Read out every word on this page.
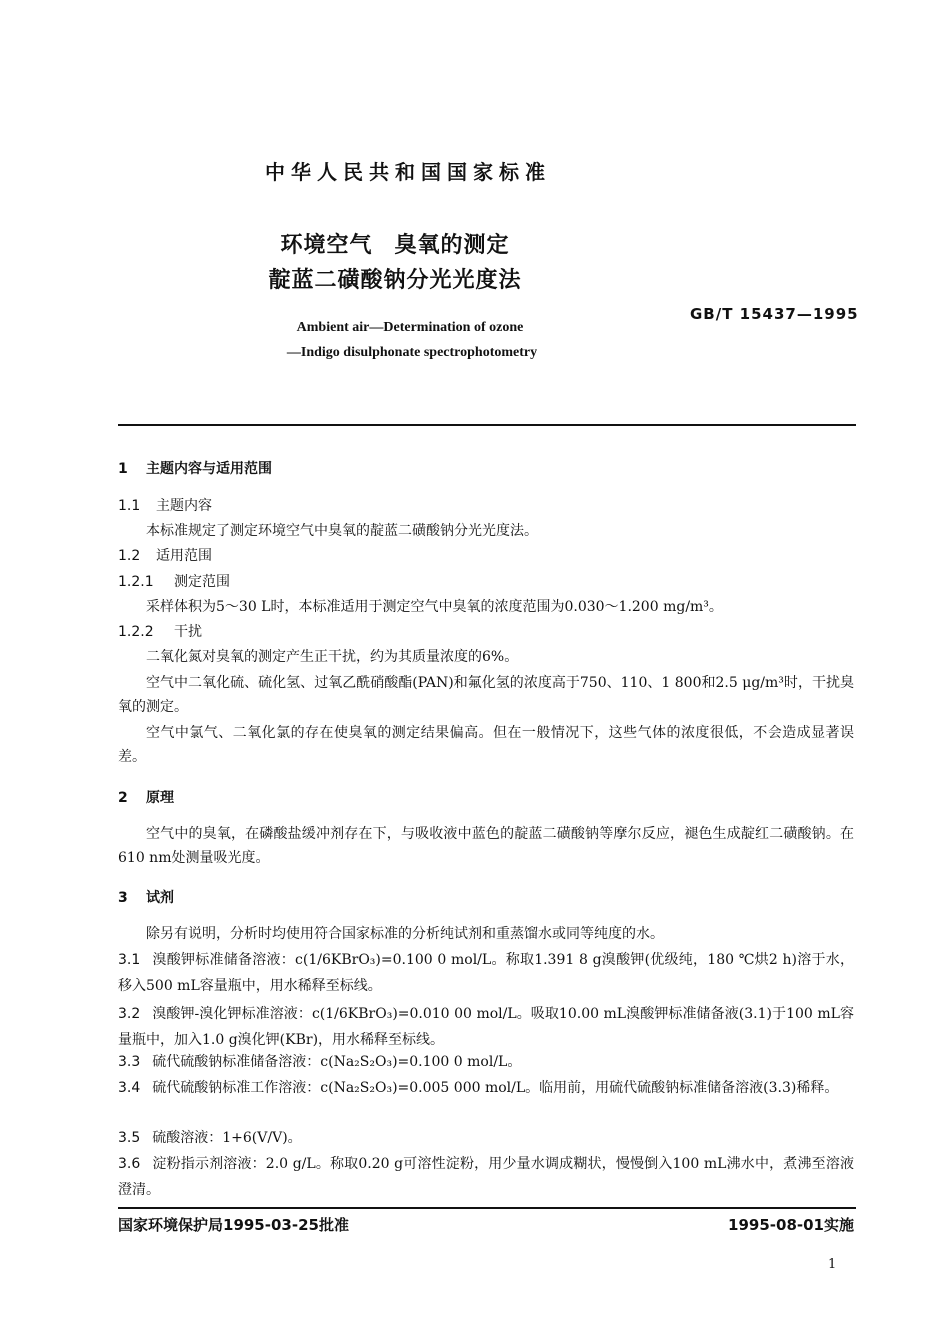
中华人民共和国国家标准
环境空气 臭氧的测定
靛蓝二磺酸钠分光光度法
GB/T 15437—1995
Ambient air—Determination of ozone
—Indigo disulphonate spectrophotometry
1 主题内容与适用范围
1.1 主题内容
本标准规定了测定环境空气中臭氧的靛蓝二磺酸钠分光光度法。
1.2 适用范围
1.2.1 测定范围
采样体积为5～30 L时，本标准适用于测定空气中臭氧的浓度范围为0.030～1.200 mg/m³。
1.2.2 干扰
二氧化氮对臭氧的测定产生正干扰，约为其质量浓度的6%。
空气中二氧化硫、硫化氢、过氧乙酰硝酸酯(PAN)和氟化氢的浓度高于750、110、1 800和2.5 μg/m³时，干扰臭氧的测定。
空气中氯气、二氧化氯的存在使臭氧的测定结果偏高。但在一般情况下，这些气体的浓度很低，不会造成显著误差。
2 原理
空气中的臭氧，在磷酸盐缓冲剂存在下，与吸收液中蓝色的靛蓝二磺酸钠等摩尔反应，褪色生成靛红二磺酸钠。在610 nm处测量吸光度。
3 试剂
除另有说明，分析时均使用符合国家标准的分析纯试剂和重蒸馏水或同等纯度的水。
3.1 溴酸钾标准储备溶液：c(1/6KBrO₃)=0.100 0 mol/L。称取1.391 8 g溴酸钾(优级纯，180 ℃烘2 h)溶于水，移入500 mL容量瓶中，用水稀释至标线。
3.2 溴酸钾-溴化钾标准溶液：c(1/6KBrO₃)=0.010 00 mol/L。吸取10.00 mL溴酸钾标准储备液(3.1)于100 mL容量瓶中，加入1.0 g溴化钾(KBr)，用水稀释至标线。
3.3 硫代硫酸钠标准储备溶液：c(Na₂S₂O₃)=0.100 0 mol/L。
3.4 硫代硫酸钠标准工作溶液：c(Na₂S₂O₃)=0.005 000 mol/L。临用前，用硫代硫酸钠标准储备溶液(3.3)稀释。
3.5 硫酸溶液：1+6(V/V)。
3.6 淀粉指示剂溶液：2.0 g/L。称取0.20 g可溶性淀粉，用少量水调成糊状，慢慢倒入100 mL沸水中，煮沸至溶液澄清。
国家环境保护局1995-03-25批准	1995-08-01实施
1
